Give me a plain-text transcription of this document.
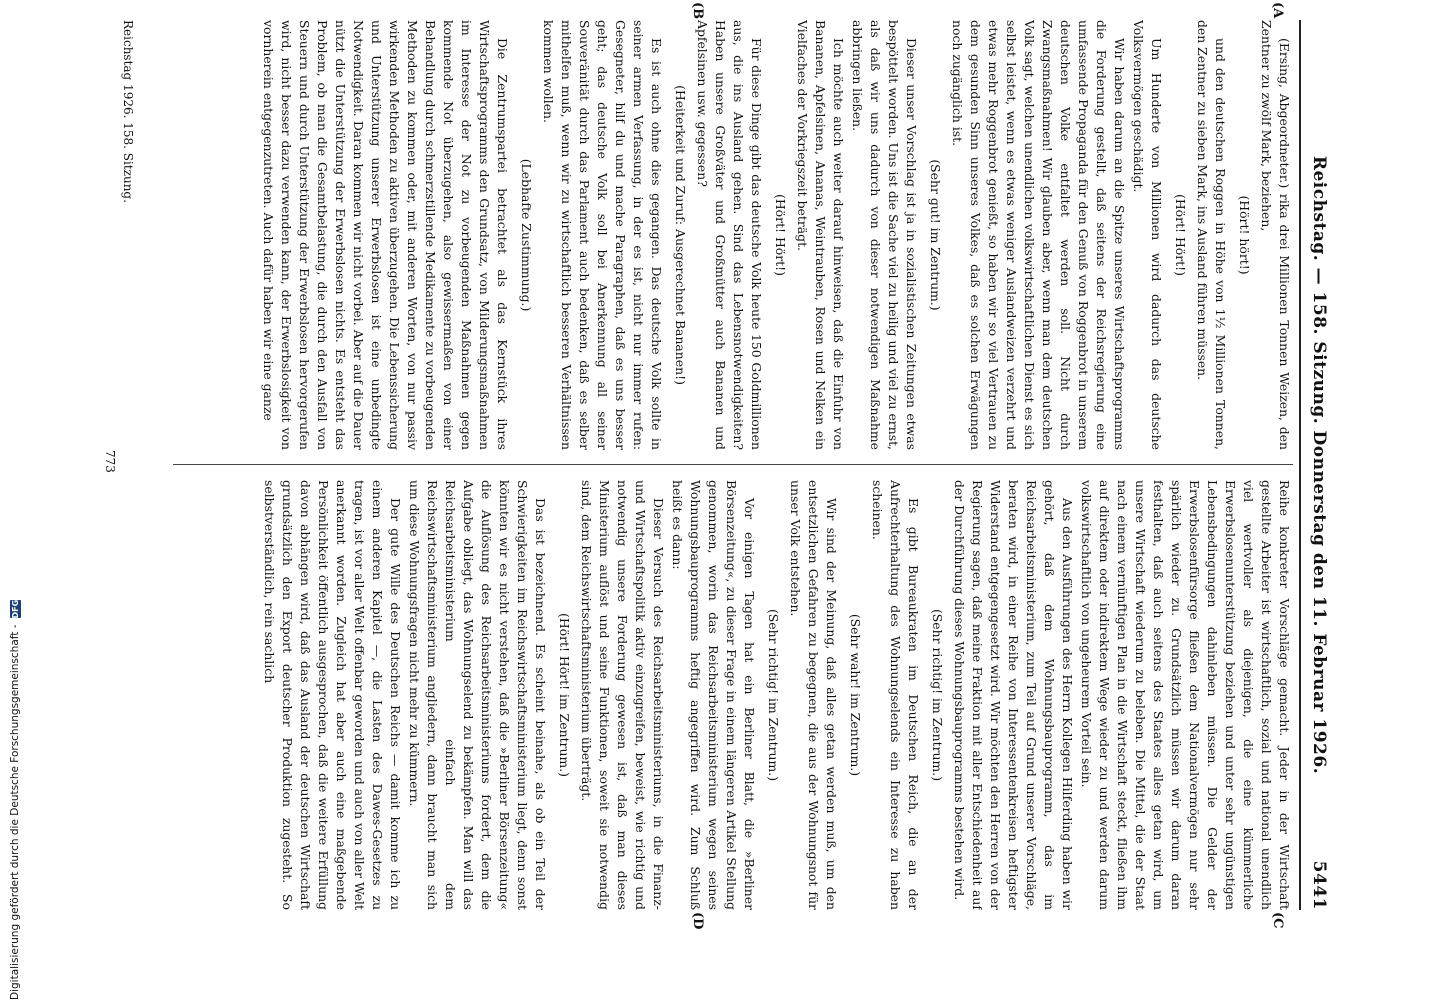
Reichstag. — 158. Sitzung. Donnerstag den 11. Februar 1926.
5441
(A
(B
(C
(D

(Ersing, Abgeordneter.) rika drei Millionen Tonnen Weizen, den Zentner zu zwölf Mark, beziehen,

(Hört! hört!)

und den deutschen Roggen in Höhe von 1½ Millionen Tonnen, den Zentner zu sieben Mark, ins Ausland führen müssen.

(Hört! Hört!)

Um Hunderte von Millionen wird dadurch das deutsche Volksvermögen geschädigt.

Wir haben darum an die Spitze unseres Wirtschaftsprogramms die Forderung gestellt, daß seitens der Reichsregierung eine umfassende Propaganda für den Genuß von Roggenbrot in unserem deutschen Volke entfaltet werden soll. Nicht durch Zwangsmaßnahmen! Wir glauben aber, wenn man dem deutschen Volk sagt, welchen unendlichen volkswirtschaftlichen Dienst es sich selbst leistet, wenn es etwas weniger Auslandweizen verzehrt und etwas mehr Roggenbrot genießt, so haben wir so viel Vertrauen zu dem gesunden Sinn unseres Volkes, daß es solchen Erwägungen noch zugänglich ist.

(Sehr gut! im Zentrum.)

Dieser unser Vorschlag ist ja in sozialistischen Zeitungen etwas bespöttelt worden. Uns ist die Sache viel zu heilig und viel zu ernst, als daß wir uns dadurch von dieser notwendigen Maßnahme abbringen ließen.

Ich möchte auch weiter darauf hinweisen, daß die Einfuhr von Bananen, Apfelsinen, Ananas, Weintrauben, Rosen und Nelken ein Vielfaches der Vorkriegszeit beträgt.

(Hört! Hört!)

Für diese Dinge gibt das deutsche Volk heute 150 Goldmillionen aus, die ins Ausland gehen. Sind das Lebensnotwendigkeiten? Haben unsere Großväter und Großmütter auch Bananen und Apfelsinen usw. gegessen?

(Heiterkeit und Zuruf: Ausgerechnet Bananen!)

Es ist auch ohne dies gegangen. Das deutsche Volk sollte in seiner armen Verfassung, in der es ist, nicht nur immer rufen: Gesegneter, hilf du und mache Paragraphen, daß es uns besser geht; das deutsche Volk soll bei Anerkennung all seiner Souveränität durch das Parlament auch bedenken, daß es selber mithelfen muß, wenn wir zu wirtschaftlich besseren Verhältnissen kommen wollen.

(Lebhafte Zustimmung.)

Die Zentrumspartei betrachtet als das Kernstück ihres Wirtschaftsprogramms den Grundsatz, von Milderungsmaßnahmen im Interesse der Not zu vorbeugenden Maßnahmen gegen kommende Not überzugehen, also gewissermaßen von einer Behandlung durch schmerzstillende Medikamente zu vorbeugenden Methoden zu kommen oder, mit anderen Worten, von nur passiv wirkenden Methoden zu aktiven überzugehen. Die Lebenssicherung und Unterstützung unserer Erwerbslosen ist eine unbedingte Notwendigkeit. Daran kommen wir nicht vorbei. Aber auf die Dauer nützt die Unterstützung der Erwerbslosen nichts. Es entsteht das Problem, ob man die Gesamtbelastung, die durch den Ausfall von Steuern und durch Unterstützung der Erwerbslosen hervorgerufen wird, nicht besser dazu verwenden kann, der Erwerbslosigkeit von vornherein entgegenzutreten. Auch dafür haben wir eine ganze

Reihe konkreter Vorschläge gemacht. Jeder in der Wirtschaft gestellte Arbeiter ist wirtschaftlich, sozial und national unendlich viel wertvoller als diejenigen, die eine kümmerliche Erwerbslosenunterstützung beziehen und unter sehr ungünstigen Lebensbedingungen dahinleben müssen. Die Gelder der Erwerbslosenfürsorge fließen dem Nationalvermögen nur sehr spärlich wieder zu. Grundsätzlich müssen wir darum daran festhalten, daß auch seitens des Staates alles getan wird, um unsere Wirtschaft wiederum zu beleben. Die Mittel, die der Staat nach einem vernünftigen Plan in die Wirtschaft steckt, fließen ihm auf direktem oder indirektem Wege wieder zu und werden darum volkswirtschaftlich von ungeheurem Vorteil sein.

Aus den Ausführungen des Herrn Kollegen Hilferding haben wir gehört, daß dem Wohnungsbauprogramm, das im Reichsarbeitsministerium, zum Teil auf Grund unserer Vorschläge, beraten wird, in einer Reihe von Interessentenkreisen heftigster Widerstand entgegengesetzt wird. Wir möchten den Herren von der Regierung sagen, daß meine Fraktion mit aller Entschiedenheit auf der Durchführung dieses Wohnungsbauprogramms bestehen wird.

(Sehr richtig! im Zentrum.)

Es gibt Bureaukraten im Deutschen Reich, die an der Aufrechterhaltung des Wohnungselends ein Interesse zu haben scheinen.

(Sehr wahr! im Zentrum.)

Wir sind der Meinung, daß alles getan werden muß, um den entsetzlichen Gefahren zu begegnen, die aus der Wohnungsnot für unser Volk entstehen.

(Sehr richtig! im Zentrum.)

Vor einigen Tagen hat ein Berliner Blatt, die »Berliner Börsenzeitung«, zu dieser Frage in einem längeren Artikel Stellung genommen, worin das Reichsarbeitsministerium wegen seines Wohnungsbauprogramms heftig angegriffen wird. Zum Schluß heißt es dann:

Dieser Versuch des Reichsarbeitsministeriums, in die Finanz- und Wirtschaftspolitik aktiv einzugreifen, beweist, wie richtig und notwendig unsere Forderung gewesen ist, daß man dieses Ministerium auflöst und seine Funktionen, soweit sie notwendig sind, dem Reichswirtschaftsministerium überträgt.

(Hört! Hört! im Zentrum.)

Das ist bezeichnend. Es scheint beinahe, als ob ein Teil der Schwierigkeiten im Reichswirtschaftsministerium liegt, denn sonst könnten wir es nicht verstehen, daß die »Berliner Börsenzeitung« die Auflösung des Reichsarbeitsministeriums fordert, dem die Aufgabe obliegt, das Wohnungselend zu bekämpfen. Man will das Reichsarbeitsministerium einfach dem Reichswirtschaftsministerium angliedern, dann braucht man sich um diese Wohnungsfragen nicht mehr zu kümmern.

Der gute Wille des Deutschen Reichs — damit komme ich zu einem anderen Kapitel —, die Lasten des Dawes-Gesetzes zu tragen, ist vor aller Welt offenbar geworden und auch von aller Welt anerkannt worden. Zugleich hat aber auch eine maßgebende Persönlichkeit öffentlich ausgesprochen, daß die weitere Erfüllung davon abhängen wird, daß das Ausland der deutschen Wirtschaft grundsätzlich den Export deutscher Produktion zugesteht. So selbstverständlich, rein sachlich

Reichstag 1926. 158. Sitzung.
773
Digitalisierung gefördert durch die Deutsche Forschungsgemeinschaft -
DFG
